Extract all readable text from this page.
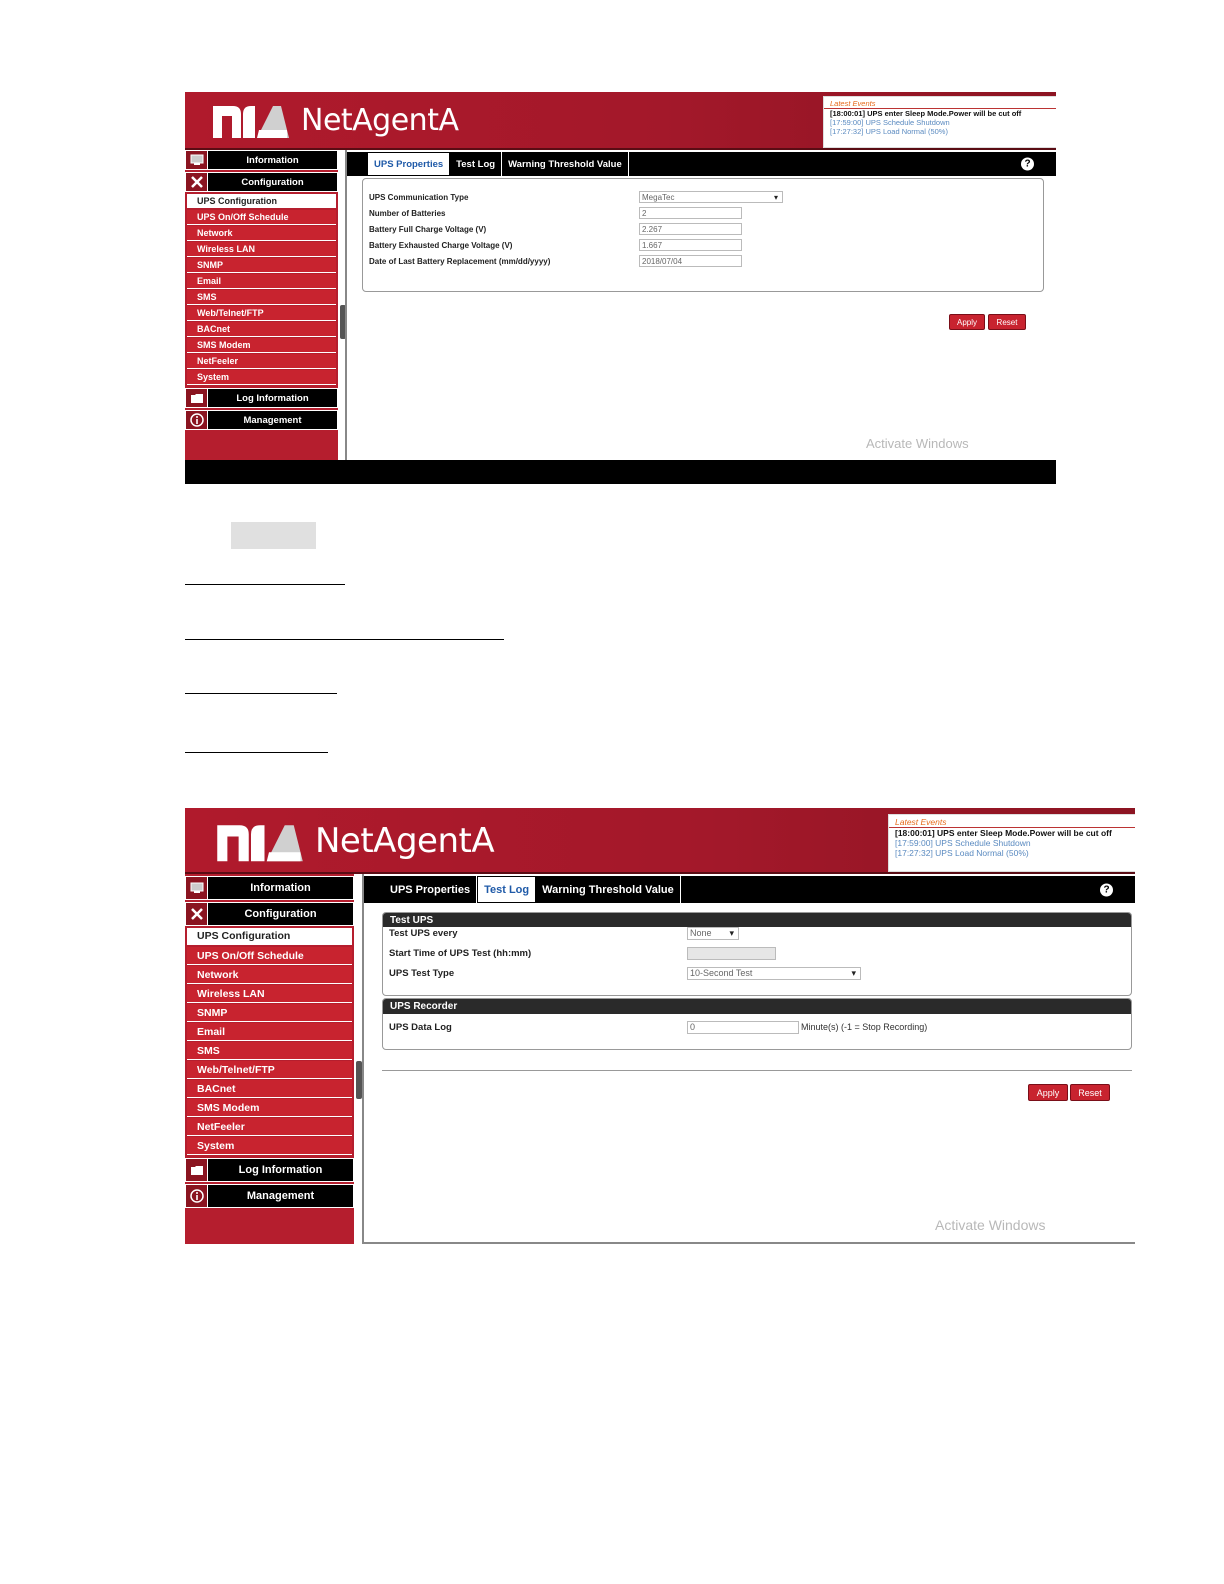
NetAgentA	Latest Events
[18:00:01] UPS enter Sleep Mode.Power will be cut off
[17:59:00] UPS Schedule Shutdown
[17:27:32] UPS Load Normal (50%)
Information
Configuration
UPS Configuration
UPS On/Off Schedule
Network
Wireless LAN
SNMP
Email
SMS
Web/Telnet/FTP
BACnet
SMS Modem
NetFeeler
System
Log Information
Management
UPS Properties	Test Log	Warning Threshold Value	?
UPS Communication Type	MegaTec ▾
Number of Batteries	2
Battery Full Charge Voltage (V)	2.267
Battery Exhausted Charge Voltage (V)	1.667
Date of Last Battery Replacement (mm/dd/yyyy)	2018/07/04
Apply	Reset
Activate Windows
NetAgentA	Latest Events
[18:00:01] UPS enter Sleep Mode.Power will be cut off
[17:59:00] UPS Schedule Shutdown
[17:27:32] UPS Load Normal (50%)
Information
Configuration
UPS Configuration
UPS On/Off Schedule
Network
Wireless LAN
SNMP
Email
SMS
Web/Telnet/FTP
BACnet
SMS Modem
NetFeeler
System
Log Information
Management
UPS Properties	Test Log	Warning Threshold Value	?
Test UPS
Test UPS every	None ▾
Start Time of UPS Test (hh:mm)
UPS Test Type	10-Second Test ▾
UPS Recorder
UPS Data Log	0	Minute(s) (-1 = Stop Recording)
Apply	Reset
Activate Windows
